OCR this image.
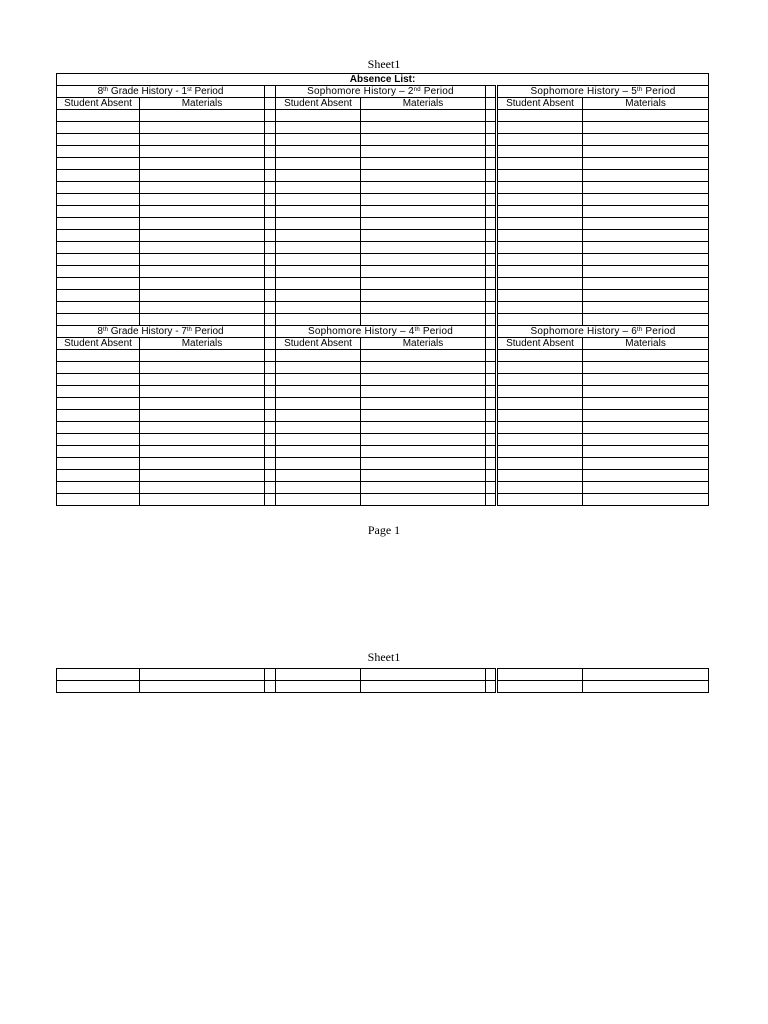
Sheet1
Absence List:							
8th Grade History - 1st Period			Sophomore History – 2nd Period			Sophomore History – 5th Period	
Student Absent	Materials		Student Absent	Materials		Student Absent	Materials

8th Grade History - 7th Period			Sophomore History – 4th Period			Sophomore History – 6th Period	
Student Absent	Materials		Student Absent	Materials		Student Absent	Materials

Page 1
Sheet1
